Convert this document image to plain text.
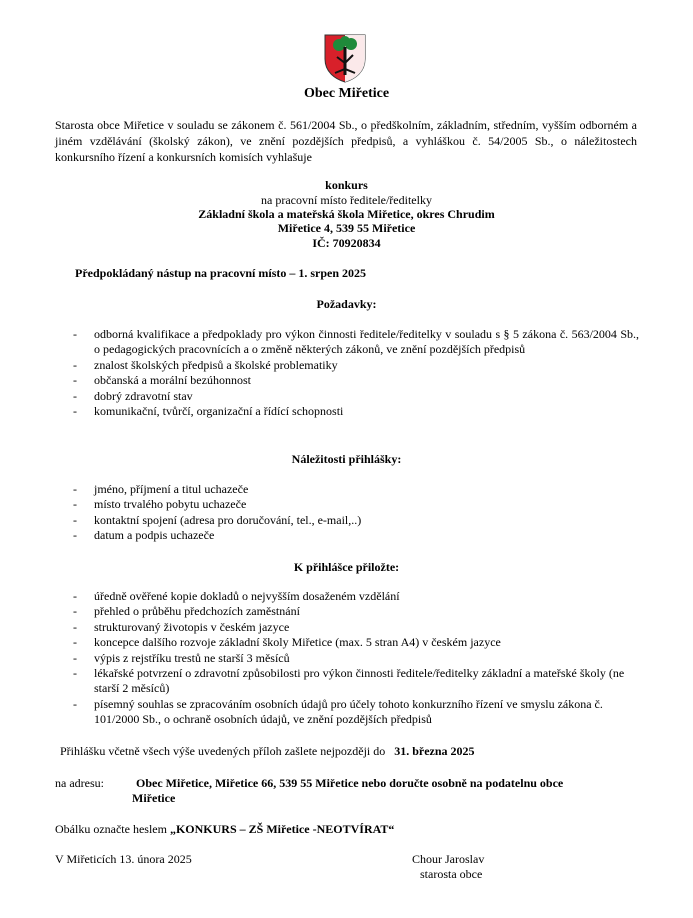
Obec Miřetice
Starosta obce Miřetice v souladu se zákonem č. 561/2004 Sb., o předškolním, základním, středním, vyšším odborném a jiném vzdělávání (školský zákon), ve znění pozdějších předpisů, a vyhláškou č. 54/2005 Sb., o náležitostech konkursního řízení a konkursních komisích vyhlašuje
konkurs
na pracovní místo ředitele/ředitelky
Základní škola a mateřská škola Miřetice, okres Chrudim
Miřetice 4, 539 55 Miřetice
IČ: 70920834
Předpokládaný nástup na pracovní místo – 1. srpen 2025
Požadavky:
- odborná kvalifikace a předpoklady pro výkon činnosti ředitele/ředitelky v souladu s § 5 zákona č. 563/2004 Sb., o pedagogických pracovnících a o změně některých zákonů, ve znění pozdějších předpisů
- znalost školských předpisů a školské problematiky
- občanská a morální bezúhonnost
- dobrý zdravotní stav
- komunikační, tvůrčí, organizační a řídící schopnosti
Náležitosti přihlášky:
- jméno, příjmení a titul uchazeče
- místo trvalého pobytu uchazeče
- kontaktní spojení (adresa pro doručování, tel., e-mail,..)
- datum a podpis uchazeče
K přihlášce přiložte:
- úředně ověřené kopie dokladů o nejvyšším dosaženém vzdělání
- přehled o průběhu předchozích zaměstnání
- strukturovaný životopis v českém jazyce
- koncepce dalšího rozvoje základní školy Miřetice (max. 5 stran A4) v českém jazyce
- výpis z rejstříku trestů ne starší 3 měsíců
- lékařské potvrzení o zdravotní způsobilosti pro výkon činnosti ředitele/ředitelky základní a mateřské školy (ne starší 2 měsíců)
- písemný souhlas se zpracováním osobních údajů pro účely tohoto konkurzního řízení ve smyslu zákona č. 101/2000 Sb., o ochraně osobních údajů, ve znění pozdějších předpisů
Přihlášku včetně všech výše uvedených příloh zašlete nejpozději do 31. března 2025
na adresu:	Obec Miřetice, Miřetice 66, 539 55 Miřetice nebo doručte osobně na podatelnu obce
Miřetice
Obálku označte heslem „KONKURS – ZŠ Miřetice -NEOTVÍRAT“
V Miřeticích 13. února 2025	Chour Jaroslav
starosta obce
